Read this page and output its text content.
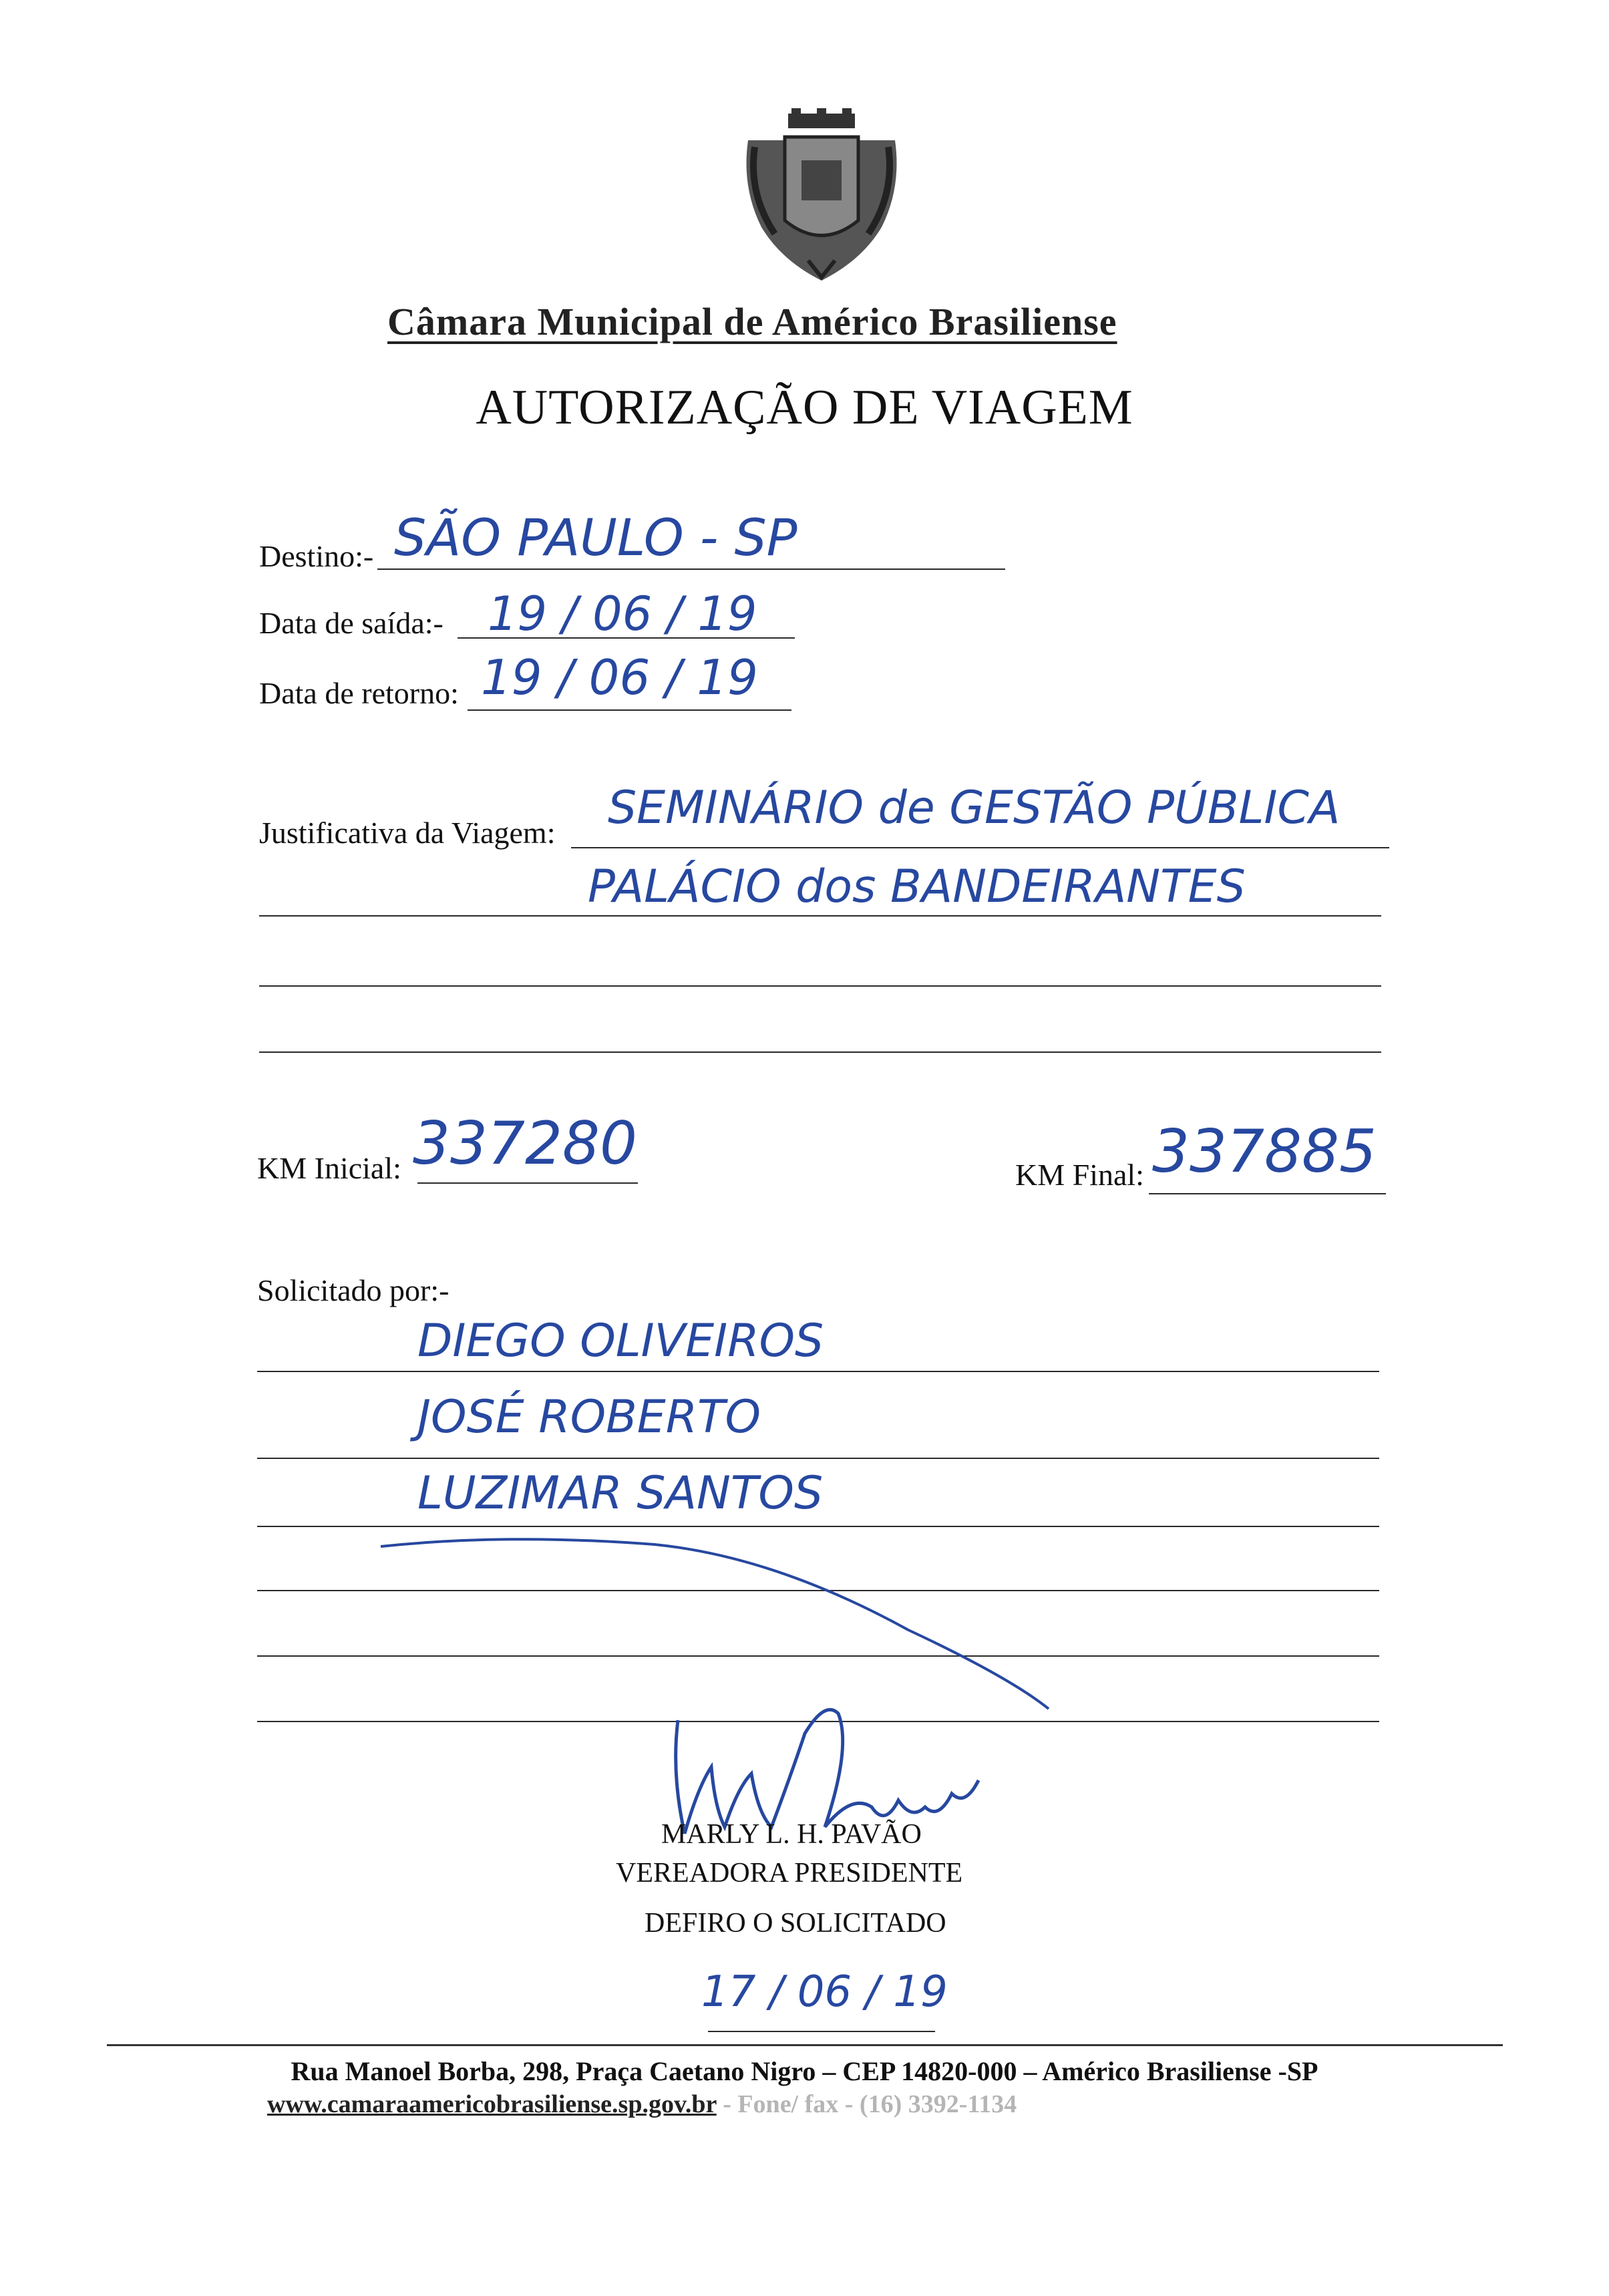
Câmara Municipal de Américo Brasiliense
AUTORIZAÇÃO DE VIAGEM
Destino:- SÃO PAULO - SP
Data de saída:- 19 / 06 / 19
Data de retorno: 19 / 06 / 19
Justificativa da Viagem: SEMINÁRIO de GESTÃO PÚBLICA
PALÁCIO dos BANDEIRANTES
KM Inicial: 337280	KM Final: 337885
Solicitado por:-
DIEGO OLIVEIROS
JOSÉ ROBERTO
LUZIMAR SANTOS
MARLY L. H. PAVÃO
VEREADORA PRESIDENTE
DEFIRO O SOLICITADO
17 / 06 / 19
Rua Manoel Borba, 298, Praça Caetano Nigro – CEP 14820-000 – Américo Brasiliense -SP
www.camaraamericobrasiliense.sp.gov.br - Fone/ fax - (16) 3392-1134
